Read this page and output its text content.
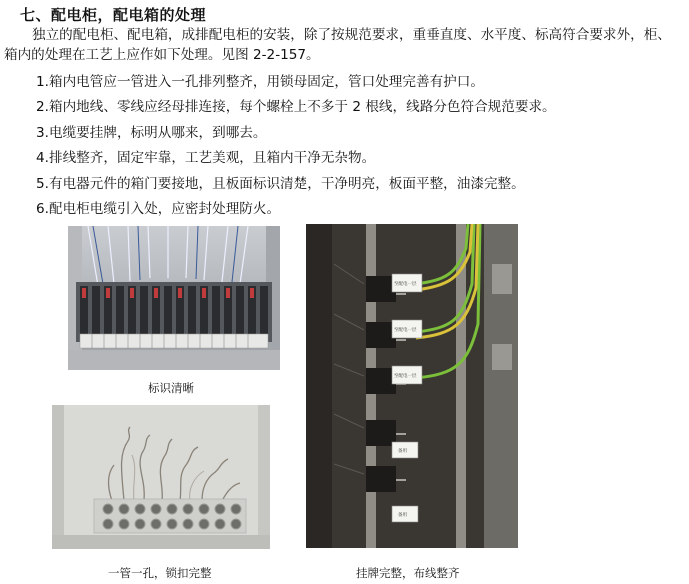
七、配电柜，配电箱的处理
独立的配电柜、配电箱，成排配电柜的安装，除了按规范要求，重垂直度、水平度、标高符合要求外，柜、箱内的处理在工艺上应作如下处理。见图 2-2-157。
1.箱内电管应一管进入一孔排列整齐，用锁母固定，管口处理完善有护口。
2.箱内地线、零线应经母排连接，每个螺栓上不多于 2 根线，线路分色符合规范要求。
3.电缆要挂牌，标明从哪来，到哪去。
4.排线整齐，固定牢靠，工艺美观，且箱内干净无杂物。
5.有电器元件的箱门要接地，且板面标识清楚，干净明亮，板面平整，油漆完整。
6.配电柜电缆引入处，应密封处理防火。
标识清晰
一管一孔，锁扣完整
至配电一层
至配电一层
至配电一层
备用
备用
挂牌完整，布线整齐
